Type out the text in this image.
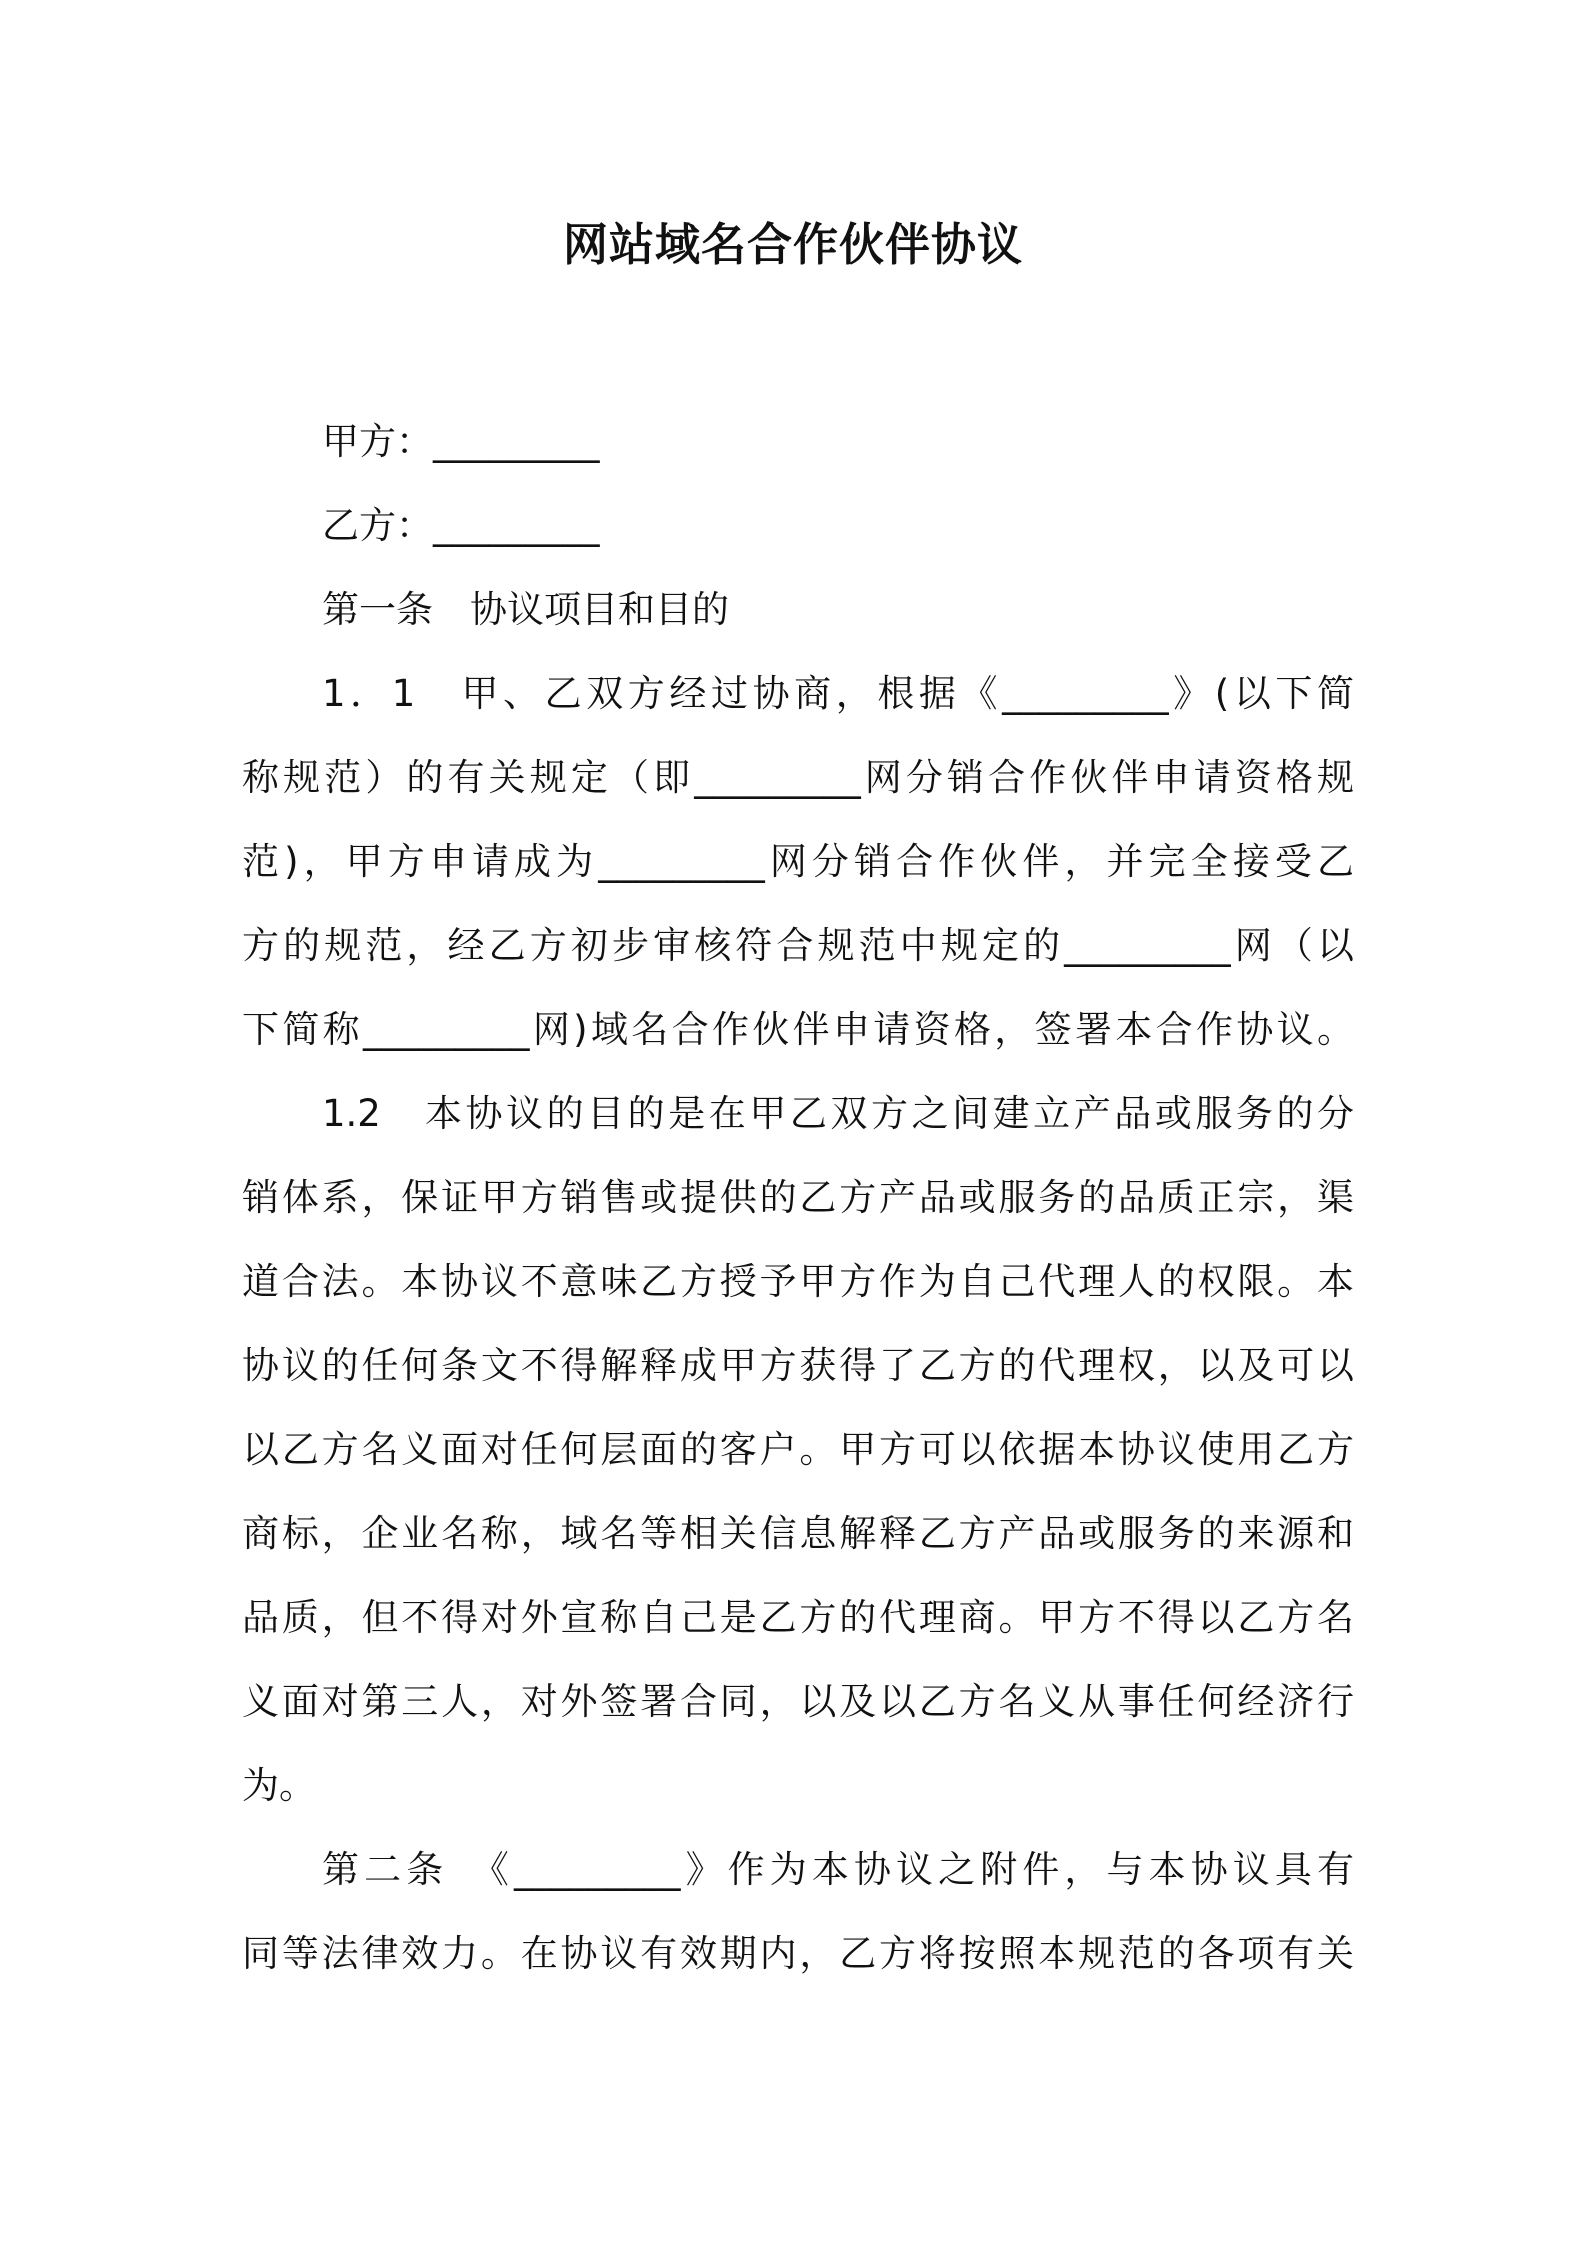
网站域名合作伙伴协议
甲方：_________
乙方：_________
第一条　协议项目和目的
1．1　甲、乙双方经过协商，根据《_________》(以下简
称规范）的有关规定（即_________网分销合作伙伴申请资格规
范)，甲方申请成为_________网分销合作伙伴，并完全接受乙
方的规范，经乙方初步审核符合规范中规定的_________网（以
下简称_________网)域名合作伙伴申请资格，签署本合作协议。
1.2　本协议的目的是在甲乙双方之间建立产品或服务的分
销体系，保证甲方销售或提供的乙方产品或服务的品质正宗，渠
道合法。本协议不意味乙方授予甲方作为自己代理人的权限。本
协议的任何条文不得解释成甲方获得了乙方的代理权，以及可以
以乙方名义面对任何层面的客户。甲方可以依据本协议使用乙方
商标，企业名称，域名等相关信息解释乙方产品或服务的来源和
品质，但不得对外宣称自己是乙方的代理商。甲方不得以乙方名
义面对第三人，对外签署合同，以及以乙方名义从事任何经济行
为。
第二条　《_________》作为本协议之附件，与本协议具有
同等法律效力。在协议有效期内，乙方将按照本规范的各项有关
